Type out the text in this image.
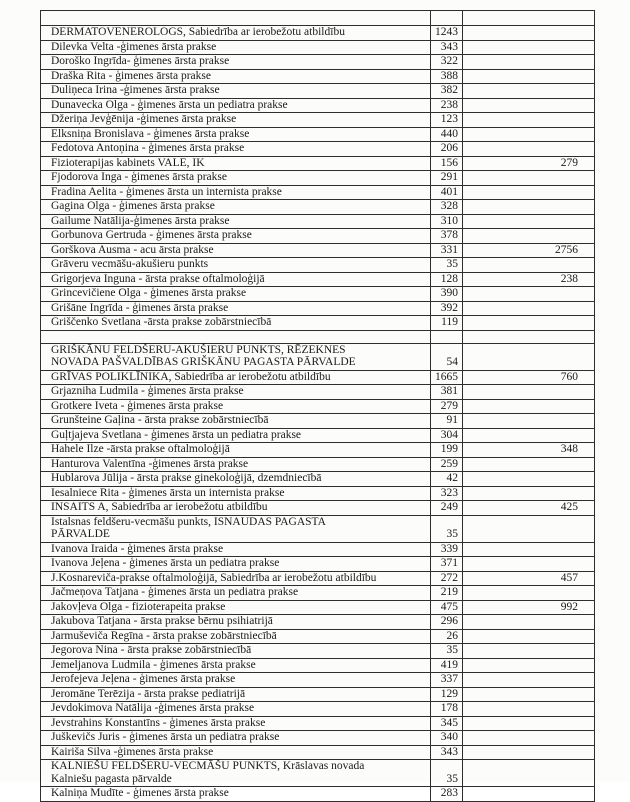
DERMATOVENEROLOGS, Sabiedrība ar ierobežotu atbildību	1243	
Dilevka Velta -ģimenes ārsta prakse	343	
Doroško Ingrīda- ģimenes ārsta prakse	322	
Draška Rita - ģimenes ārsta prakse	388	
Duliņeca Irina -ģimenes ārsta prakse	382	
Dunavecka Olga - ģimenes ārsta un pediatra prakse	238	
Džeriņa Jevģēnija -ģimenes ārsta prakse	123	
Elksniņa Bronislava - ģimenes ārsta prakse	440	
Fedotova Antoņina - ģimenes ārsta prakse	206	
Fizioterapijas kabinets VALE, IK	156	279
Fjodorova Inga - ģimenes ārsta prakse	291	
Fradina Aelita - ģimenes ārsta un internista prakse	401	
Gagina Olga - ģimenes ārsta prakse	328	
Gailume Natālija-ģimenes ārsta prakse	310	
Gorbunova Gertruda - ģimenes ārsta prakse	378	
Gorškova Ausma - acu ārsta prakse	331	2756
Grāveru vecmāšu-akušieru punkts	35	
Grigorjeva Inguna - ārsta prakse oftalmoloģijā	128	238
Grincevičiene Olga - ģimenes ārsta prakse	390	
Grišāne Ingrīda - ģimenes ārsta prakse	392	
Griščenko Svetlana -ārsta prakse zobārstniecībā	119	

GRIŠKĀNU FELDŠERU-AKUŠIERU PUNKTS, RĒZEKNES NOVADA PAŠVALDĪBAS GRIŠKĀNU PAGASTA PĀRVALDE	54	
GRĪVAS POLIKLĪNIKA, Sabiedrība ar ierobežotu atbildību	1665	760
Grjazniha Ludmila - ģimenes ārsta prakse	381	
Grotkere Iveta - ģimenes ārsta prakse	279	
Grunšteine Gaļina - ārsta prakse zobārstniecībā	91	
Guļtjajeva Svetlana - ģimenes ārsta un pediatra prakse	304	
Hahele Ilze -ārsta prakse oftalmoloģijā	199	348
Hanturova Valentīna -ģimenes ārsta prakse	259	
Hublarova Jūlija - ārsta prakse ginekoloģijā, dzemdniecībā	42	
Iesalniece Rita - ģimenes ārsta un internista prakse	323	
INSAITS A, Sabiedrība ar ierobežotu atbildību	249	425
Istalsnas feldšeru-vecmāšu punkts, ISNAUDAS PAGASTA PĀRVALDE	35	
Ivanova Iraida - ģimenes ārsta prakse	339	
Ivanova Jeļena - ģimenes ārsta un pediatra prakse	371	
J.Kosnareviča-prakse oftalmoloģijā, Sabiedrība ar ierobežotu atbildību	272	457
Jačmeņova Tatjana - ģimenes ārsta un pediatra prakse	219	
Jakovļeva Olga - fizioterapeita prakse	475	992
Jakubova Tatjana - ārsta prakse bērnu psihiatrijā	296	
Jarmuševiča Regīna - ārsta prakse zobārstniecībā	26	
Jegorova Nina - ārsta prakse zobārstniecībā	35	
Jemeljanova Ludmila - ģimenes ārsta prakse	419	
Jerofejeva Jeļena - ģimenes ārsta prakse	337	
Jeromāne Terēzija - ārsta prakse pediatrijā	129	
Jevdokimova Natālija -ģimenes ārsta prakse	178	
Jevstrahins Konstantīns - ģimenes ārsta prakse	345	
Juškevičs Juris - ģimenes ārsta un pediatra prakse	340	
Kairiša Silva -ģimenes ārsta prakse	343	
KALNIEŠU FELDŠERU-VECMĀŠU PUNKTS, Krāslavas novada Kalniešu pagasta pārvalde	35	
Kalniņa Mudīte - ģimenes ārsta prakse	283	
